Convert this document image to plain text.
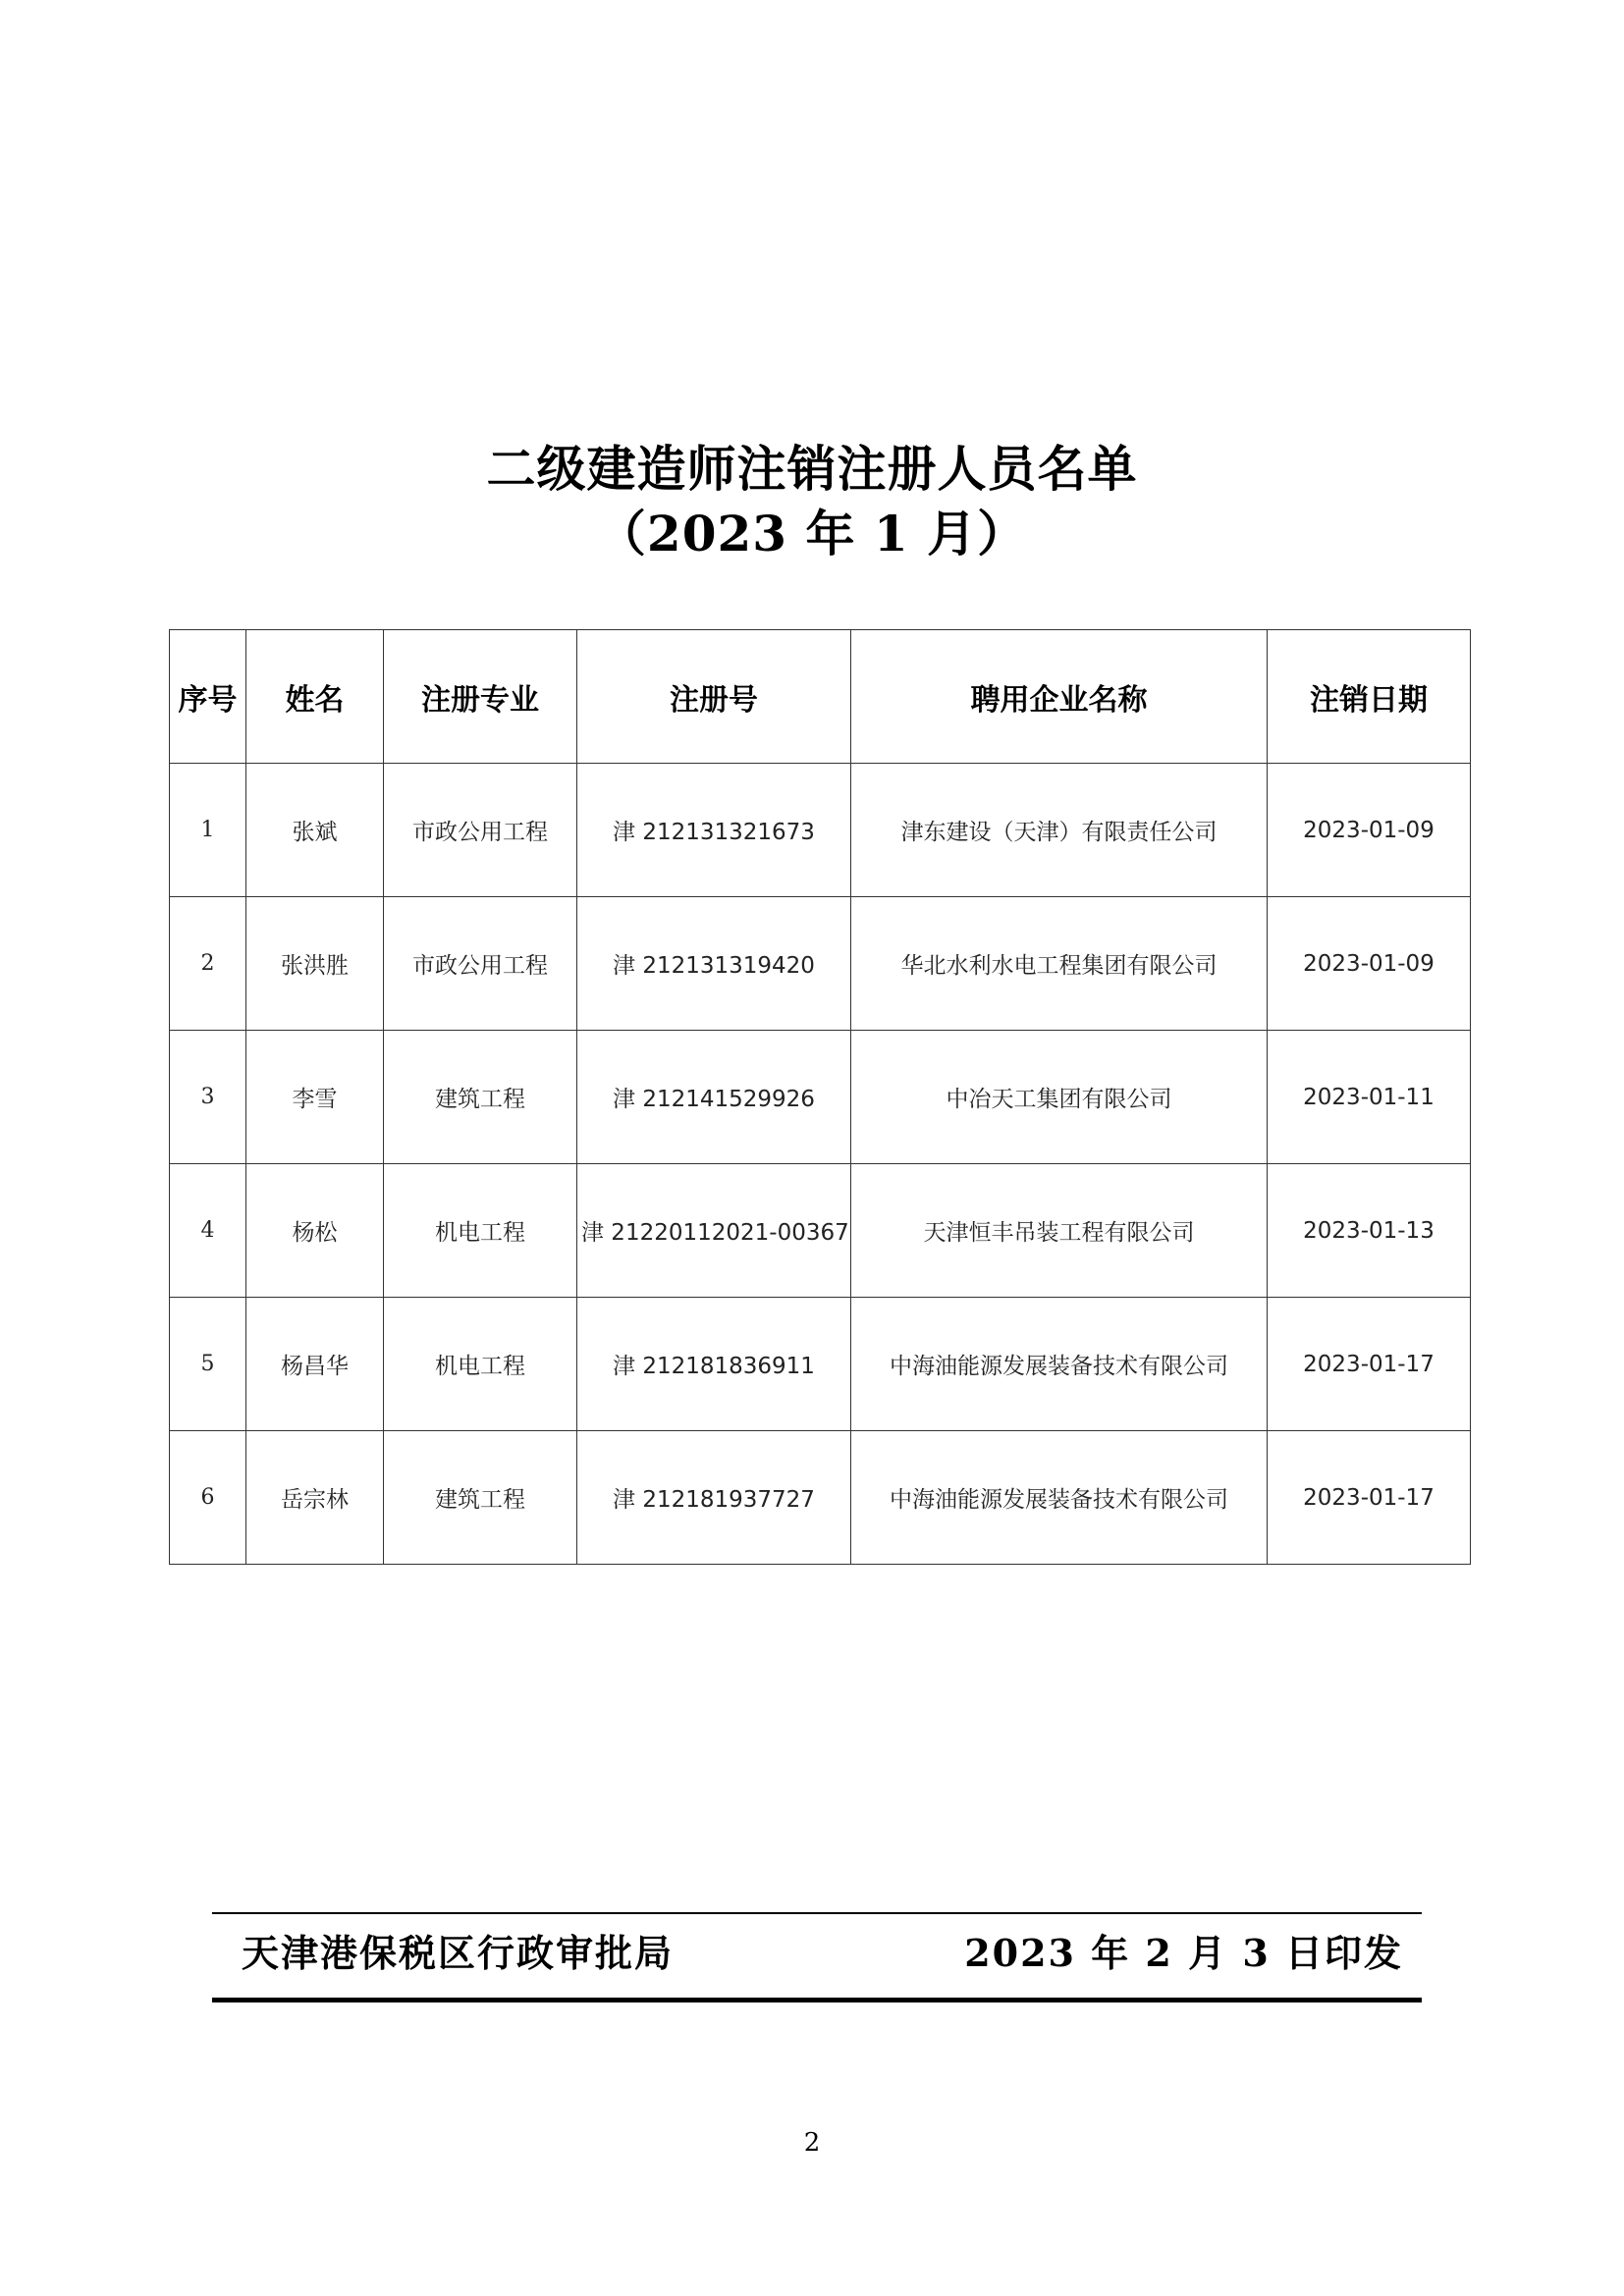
二级建造师注销注册人员名单
（2023 年 1 月）
序号	姓名	注册专业	注册号	聘用企业名称	注销日期
1	张斌	市政公用工程	津 212131321673	津东建设（天津）有限责任公司	2023-01-09
2	张洪胜	市政公用工程	津 212131319420	华北水利水电工程集团有限公司	2023-01-09
3	李雪	建筑工程	津 212141529926	中冶天工集团有限公司	2023-01-11
4	杨松	机电工程	津 21220112021-00367	天津恒丰吊装工程有限公司	2023-01-13
5	杨昌华	机电工程	津 212181836911	中海油能源发展装备技术有限公司	2023-01-17
6	岳宗林	建筑工程	津 212181937727	中海油能源发展装备技术有限公司	2023-01-17
天津港保税区行政审批局	2023 年 2 月 3 日印发
2
